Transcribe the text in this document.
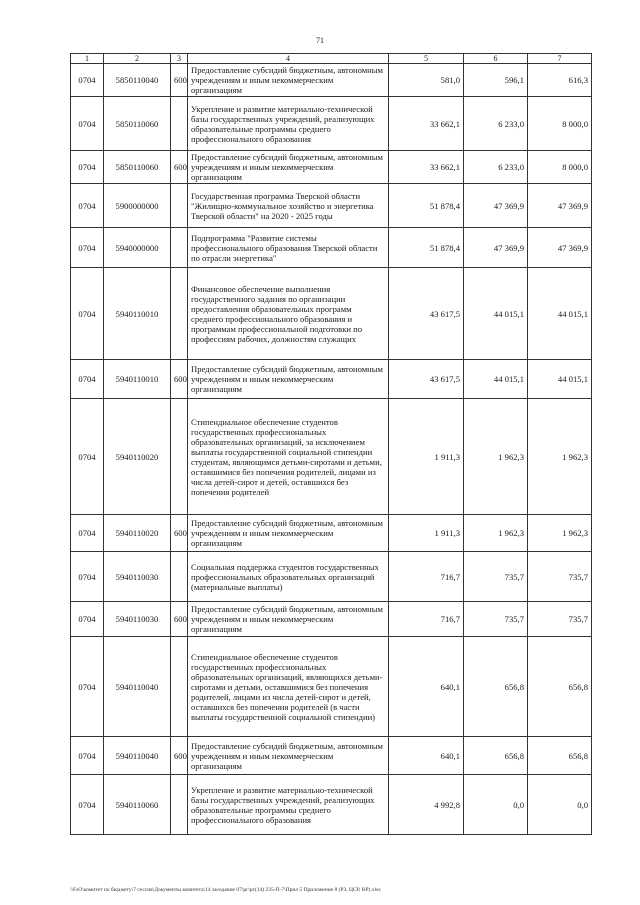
71
1	2	3	4	5	6	7
0704	5850110040	600	Предоставление субсидий бюджетным, автономным учреждениям и иным некоммерческим организациям	581,0	596,1	616,3
0704	5850110060		Укрепление и развитие материально-технической базы государственных учреждений, реализующих образовательные программы среднего профессионального образования	33 662,1	6 233,0	8 000,0
0704	5850110060	600	Предоставление субсидий бюджетным, автономным учреждениям и иным некоммерческим организациям	33 662,1	6 233,0	8 000,0
0704	5900000000		Государственная программа Тверской области "Жилищно-коммунальное хозяйство и энергетика Тверской области" на 2020 - 2025 годы	51 878,4	47 369,9	47 369,9
0704	5940000000		Подпрограмма "Развитие системы профессионального образования Тверской области по отрасли энергетика"	51 878,4	47 369,9	47 369,9
0704	5940110010		Финансовое обеспечение выполнения государственного задания по организации предоставления образовательных программ среднего профессионального образования и программам профессиональной подготовки по профессиям рабочих, должностям служащих	43 617,5	44 015,1	44 015,1
0704	5940110010	600	Предоставление субсидий бюджетным, автономным учреждениям и иным некоммерческим организациям	43 617,5	44 015,1	44 015,1
0704	5940110020		Стипендиальное обеспечение студентов государственных профессиональных образовательных организаций, за исключением выплаты государственной социальной стипендии студентам, являющимся детьми-сиротами и детьми, оставшимися без попечения родителей, лицами из числа детей-сирот и детей, оставшихся без попечения родителей	1 911,3	1 962,3	1 962,3
0704	5940110020	600	Предоставление субсидий бюджетным, автономным учреждениям и иным некоммерческим организациям	1 911,3	1 962,3	1 962,3
0704	5940110030		Социальная поддержка студентов государственных профессиональных образовательных организаций (материальные выплаты)	716,7	735,7	735,7
0704	5940110030	600	Предоставление субсидий бюджетным, автономным учреждениям и иным некоммерческим организациям	716,7	735,7	735,7
0704	5940110040		Стипендиальное обеспечение студентов государственных профессиональных образовательных организаций, являющихся детьми-сиротами и детьми, оставшимися без попечения родителей, лицами из числа детей-сирот и детей, оставшихся без попечения родителей (в части выплаты государственной социальной стипендии)	640,1	656,8	656,8
0704	5940110040	600	Предоставление субсидий бюджетным, автономным учреждениям и иным некоммерческим организациям	640,1	656,8	656,8
0704	5940110060		Укрепление и развитие материально-технической базы государственных учреждений, реализующих образовательные программы среднего профессионального образования	4 992,8	0,0	0,0
\\FsO\комитет по бюджету\7 сессия\Документы комитета\14 заседание 07\рг\рг(14) 235-П-7\Прил 5 Приложение 8 (РЗ, ЦСР, ВР).xlsx
